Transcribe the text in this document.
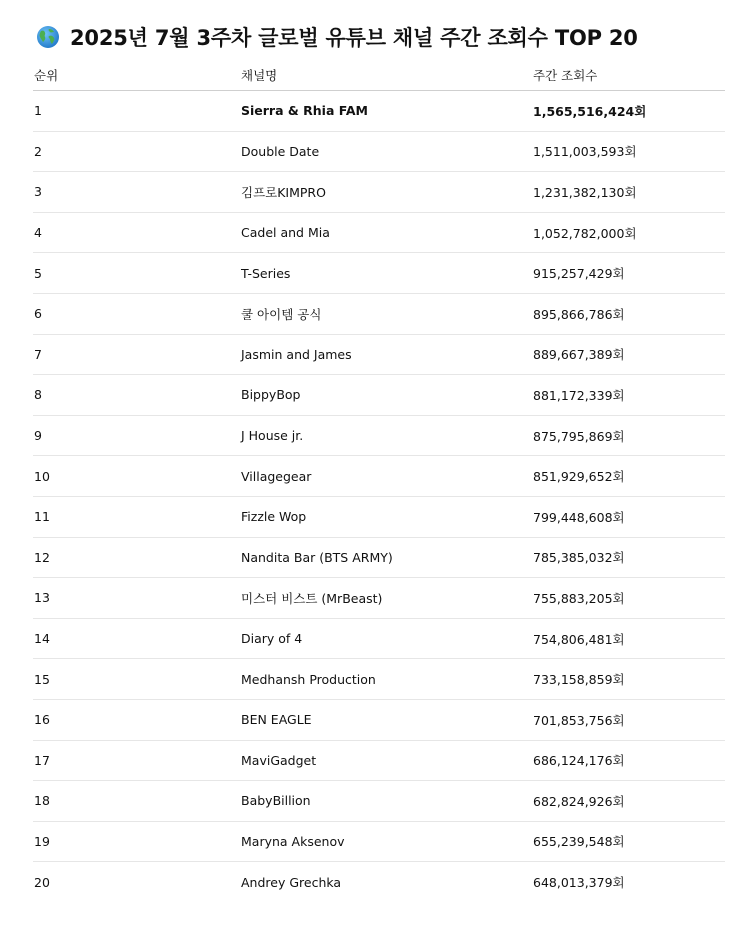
2025년 7월 3주차 글로벌 유튜브 채널 주간 조회수 TOP 20
순위	채널명	주간 조회수
1	Sierra & Rhia FAM	1,565,516,424회
2	Double Date	1,511,003,593회
3	김프로KIMPRO	1,231,382,130회
4	Cadel and Mia	1,052,782,000회
5	T-Series	915,257,429회
6	쿨 아이템 공식	895,866,786회
7	Jasmin and James	889,667,389회
8	BippyBop	881,172,339회
9	J House jr.	875,795,869회
10	Villagegear	851,929,652회
11	Fizzle Wop	799,448,608회
12	Nandita Bar (BTS ARMY)	785,385,032회
13	미스터 비스트 (MrBeast)	755,883,205회
14	Diary of 4	754,806,481회
15	Medhansh Production	733,158,859회
16	BEN EAGLE	701,853,756회
17	MaviGadget	686,124,176회
18	BabyBillion	682,824,926회
19	Maryna Aksenov	655,239,548회
20	Andrey Grechka	648,013,379회
